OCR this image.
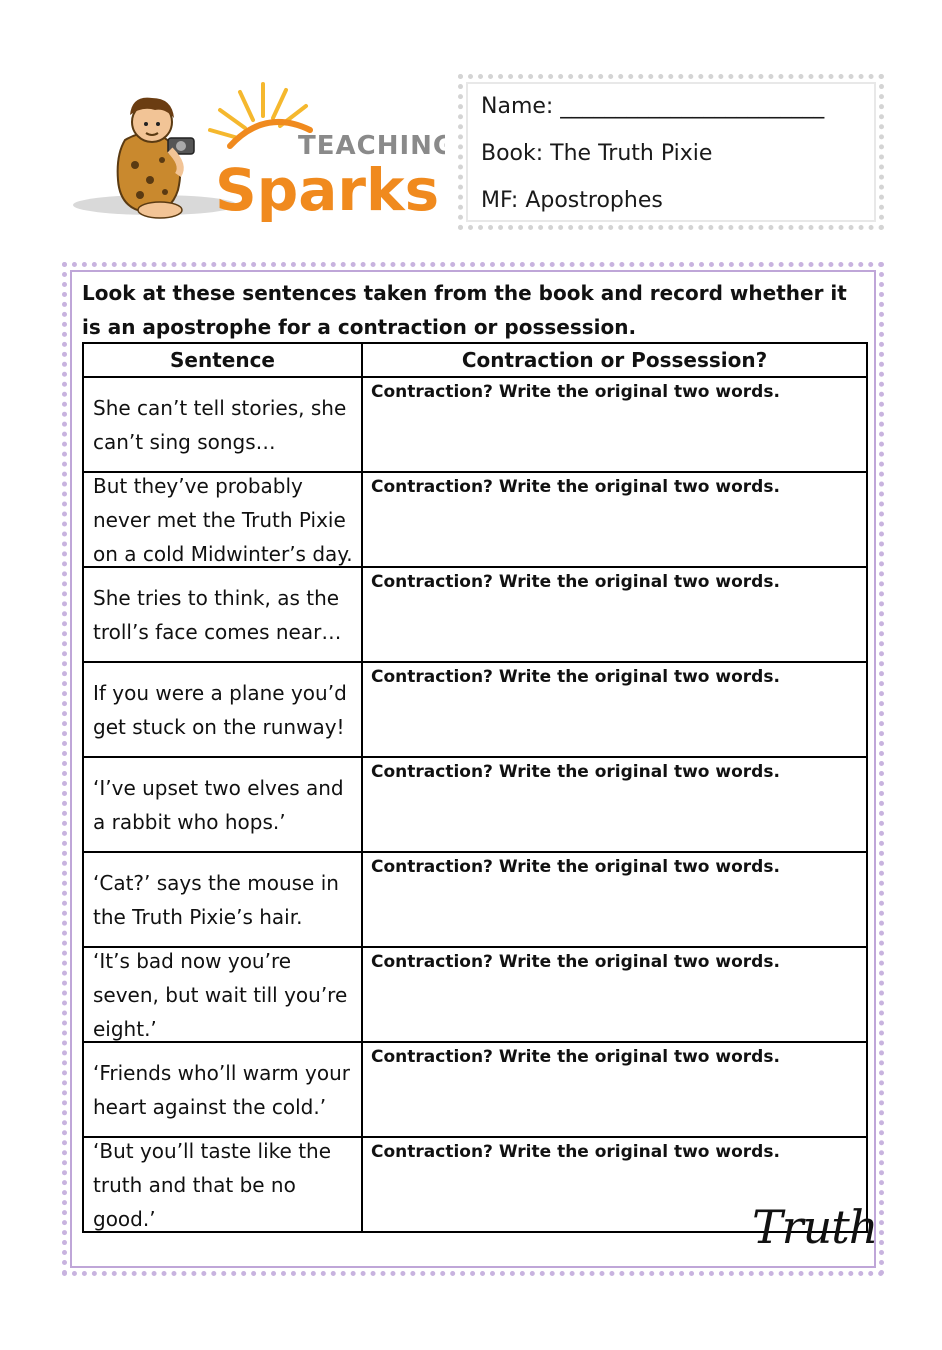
TEACHING
Sparks
Name: ________________________
Book: The Truth Pixie
MF: Apostrophes
Look at these sentences taken from the book and record whether it is an apostrophe for a contraction or possession.
Sentence	Contraction or Possession?

She can’t tell stories, she can’t sing songs…	Contraction? Write the original two words.

But they’ve probably never met the Truth Pixie on a cold Midwinter’s day.	Contraction? Write the original two words.

She tries to think, as the troll’s face comes near…	Contraction? Write the original two words.

If you were a plane you’d get stuck on the runway!	Contraction? Write the original two words.

‘I’ve upset two elves and a rabbit who hops.’	Contraction? Write the original two words.

‘Cat?’ says the mouse in the Truth Pixie’s hair.	Contraction? Write the original two words.

‘It’s bad now you’re seven, but wait till you’re eight.’	Contraction? Write the original two words.

‘Friends who’ll warm your heart against the cold.’	Contraction? Write the original two words.

‘But you’ll taste like the truth and that be no good.’	Contraction? Write the original two words.
Truth
